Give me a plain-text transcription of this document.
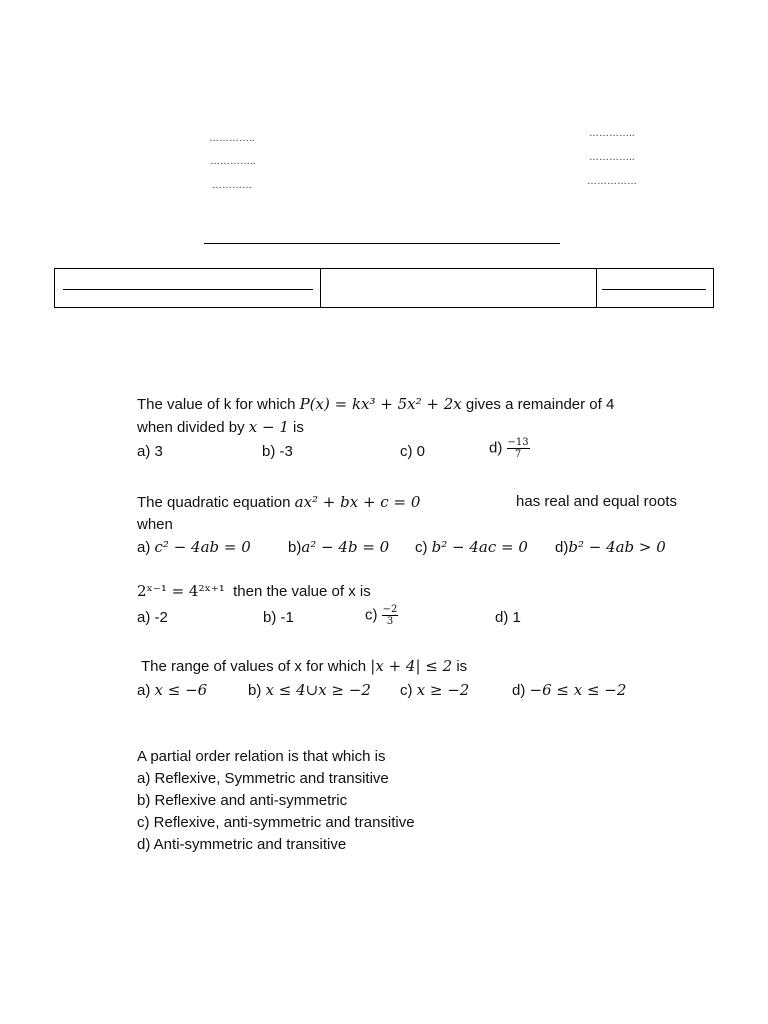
…………..
…………..
…………
…………..
…………..
……………
The value of k for which P(x) = kx³ + 5x² + 2x gives a remainder of 4
when divided by x − 1 is
a) 3	b) -3	c) 0	$d) \frac{-13}{7}$
The quadratic equation ax² + bx + c = 0	has real and equal roots
when
a) c² − 4ab = 0 b)a² − 4b = 0 c) b² − 4ac = 0 d)b² − 4ab > 0
2ˣ⁻¹ = 4²ˣ⁺¹ then the value of x is
a) -2	b) -1	$c) \frac{-2}{3}$	d) 1
The range of values of x for which |x + 4| ≤ 2 is
a) x ≤ −6	b) x ≤ 4∪x ≥ −2 c) x ≥ −2	d) −6 ≤ x ≤ −2
A partial order relation is that which is
a) Reflexive, Symmetric and transitive
b) Reflexive and anti-symmetric
c) Reflexive, anti-symmetric and transitive
d) Anti-symmetric and transitive
